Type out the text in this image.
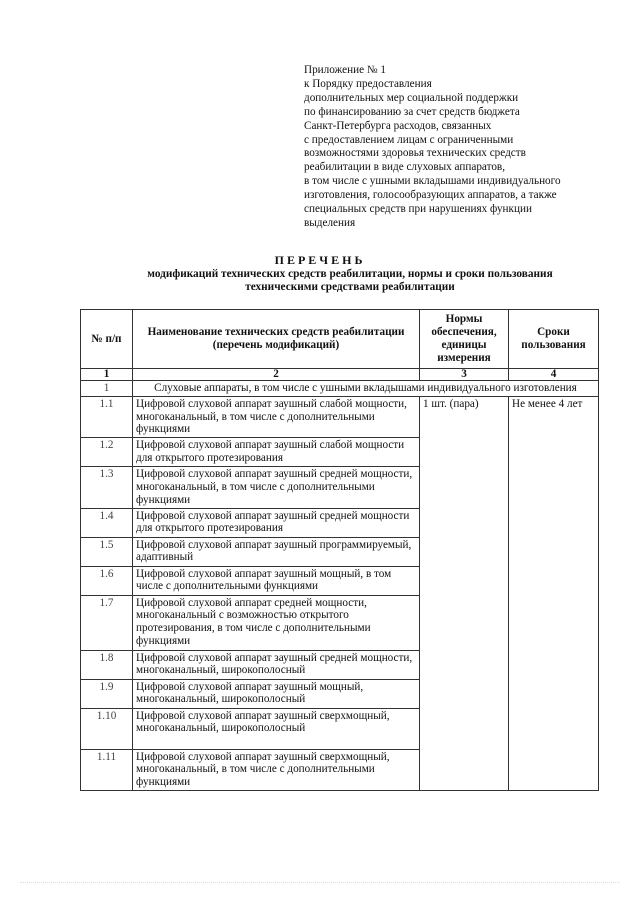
Приложение № 1
к Порядку предоставления
дополнительных мер социальной поддержки
по финансированию за счет средств бюджета
Санкт-Петербурга расходов, связанных
с предоставлением лицам с ограниченными
возможностями здоровья технических средств
реабилитации в виде слуховых аппаратов,
в том числе с ушными вкладышами индивидуального
изготовления, голосообразующих аппаратов, а также
специальных средств при нарушениях функции
выделения
ПЕРЕЧЕНЬ
модификаций технических средств реабилитации, нормы и сроки пользования
техническими средствами реабилитации
№ п/п	Наименование технических средств реабилитации (перечень модификаций)	Нормы обеспечения, единицы измерения	Сроки пользования
1	2	3	4
1	Слуховые аппараты, в том числе с ушными вкладышами индивидуального изготовления		
1.1	Цифровой слуховой аппарат заушный слабой мощности, многоканальный, в том числе с дополнительными функциями	1 шт. (пара)	Не менее 4 лет
1.2	Цифровой слуховой аппарат заушный слабой мощности для открытого протезирования		
1.3	Цифровой слуховой аппарат заушный средней мощности, многоканальный, в том числе с дополнительными функциями		
1.4	Цифровой слуховой аппарат заушный средней мощности для открытого протезирования		
1.5	Цифровой слуховой аппарат заушный программируемый, адаптивный		
1.6	Цифровой слуховой аппарат заушный мощный, в том числе с дополнительными функциями		
1.7	Цифровой слуховой аппарат средней мощности, многоканальный с возможностью открытого протезирования, в том числе с дополнительными функциями		
1.8	Цифровой слуховой аппарат заушный средней мощности, многоканальный, широкополосный		
1.9	Цифровой слуховой аппарат заушный мощный, многоканальный, широкополосный		
1.10	Цифровой слуховой аппарат заушный сверхмощный, многоканальный, широкополосный		
1.11	Цифровой слуховой аппарат заушный сверхмощный, многоканальный, в том числе с дополнительными функциями		
